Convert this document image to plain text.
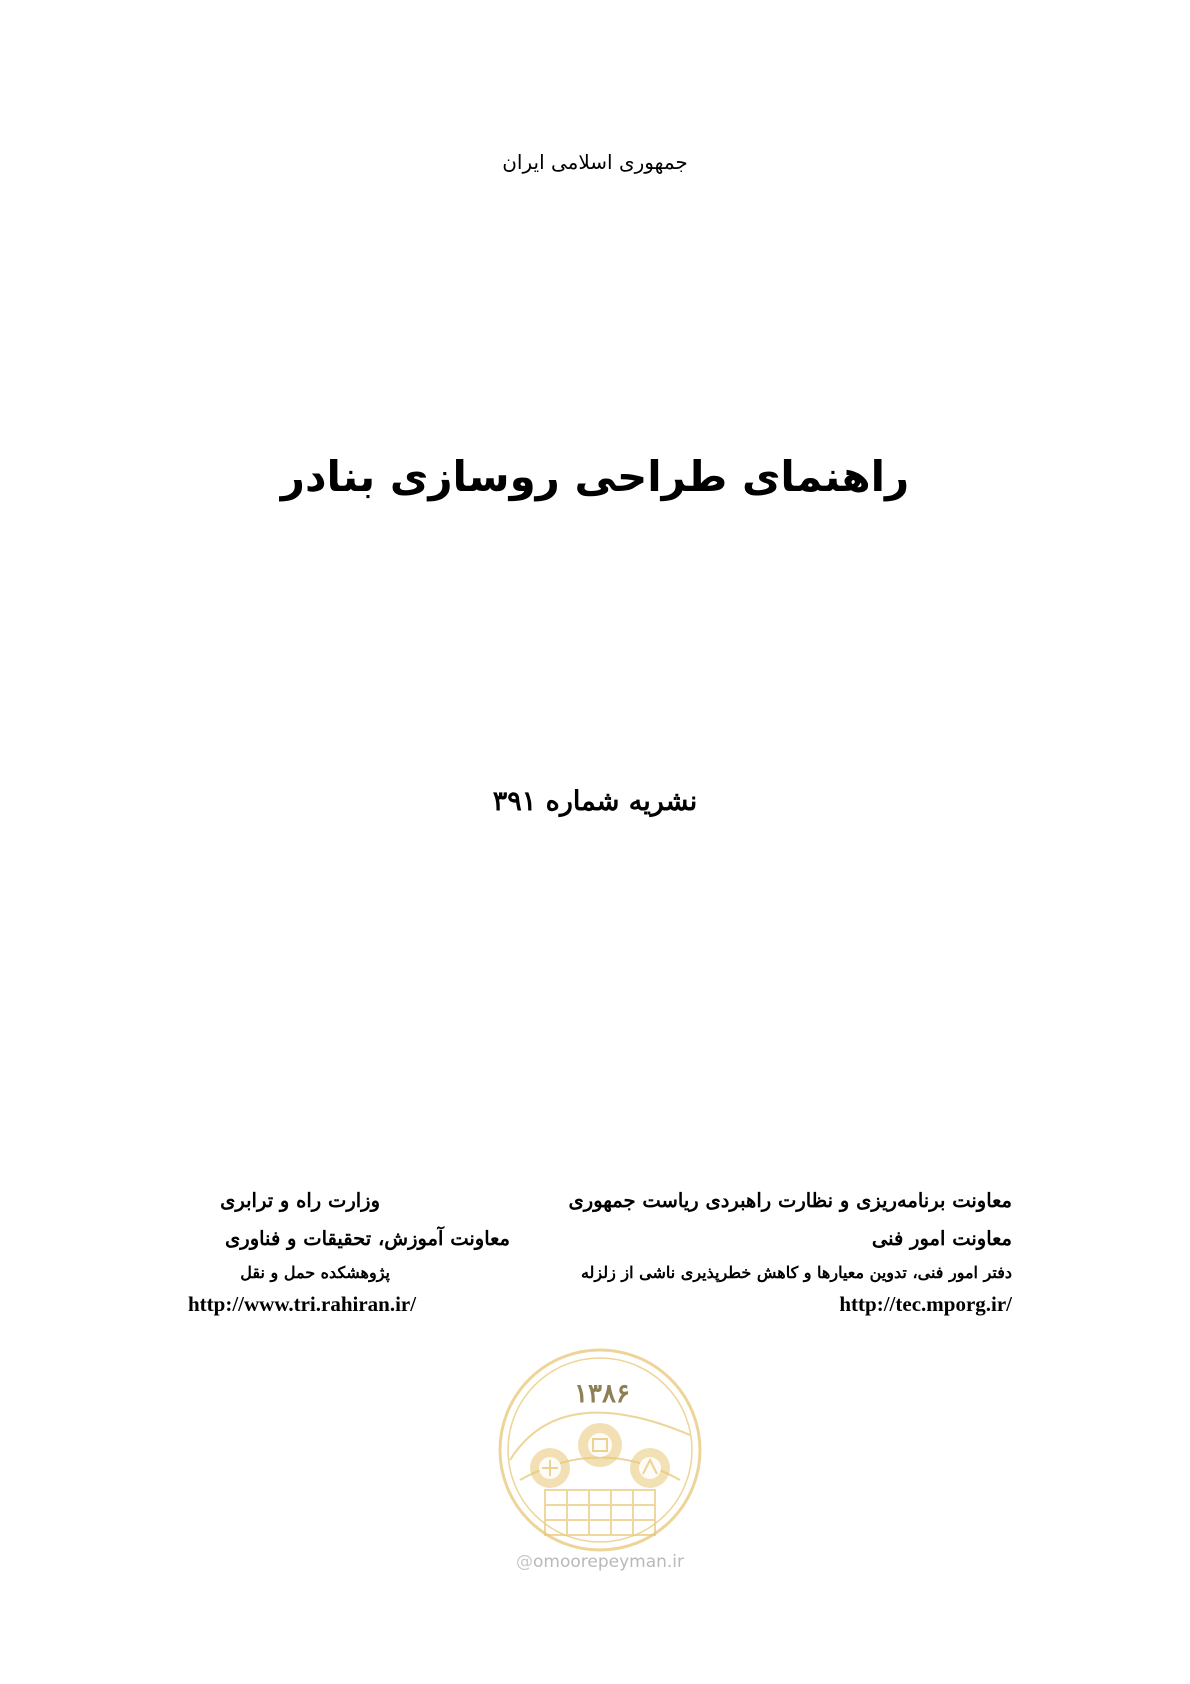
جمهوری اسلامی ایران
راهنمای طراحی روسازی بنادر
نشریه شماره ۳۹۱
معاونت برنامه‌ریزی و نظارت راهبردی ریاست جمهوری
معاونت امور فنی
دفتر امور فنی، تدوین معیارها و کاهش خطرپذیری ناشی از زلزله
http://tec.mporg.ir/
وزارت راه و ترابری
معاونت آموزش، تحقیقات و فناوری
پژوهشکده حمل و نقل
http://www.tri.rahiran.ir/
۱۳۸۶
@omoorepeyman.ir
